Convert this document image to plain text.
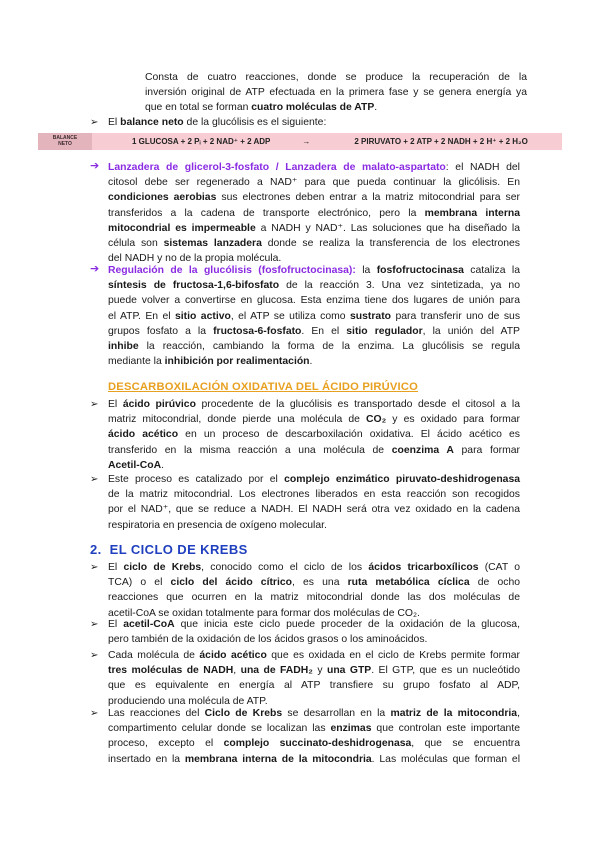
Consta de cuatro reacciones, donde se produce la recuperación de la
inversión original de ATP efectuada en la primera fase y se genera energía ya
que en total se forman cuatro moléculas de ATP.
➢ El balance neto de la glucólisis es el siguiente:
BALANCE
NETO	1 GLUCOSA + 2 Pᵢ + 2 NAD⁺ + 2 ADP	→	2 PIRUVATO + 2 ATP + 2 NADH + 2 H⁺ + 2 H₂O
➔ Lanzadera de glicerol-3-fosfato / Lanzadera de malato-aspartato: el NADH del
citosol debe ser regenerado a NAD⁺ para que pueda continuar la glicólisis. En
condiciones aerobias sus electrones deben entrar a la matriz mitocondrial para ser
transferidos a la cadena de transporte electrónico, pero la membrana interna
mitocondrial es impermeable a NADH y NAD⁺. Las soluciones que ha diseñado la
célula son sistemas lanzadera donde se realiza la transferencia de los electrones
del NADH y no de la propia molécula.
➔ Regulación de la glucólisis (fosfofructocinasa): la fosfofructocinasa cataliza la
síntesis de fructosa-1,6-bifosfato de la reacción 3. Una vez sintetizada, ya no
puede volver a convertirse en glucosa. Esta enzima tiene dos lugares de unión para
el ATP. En el sitio activo, el ATP se utiliza como sustrato para transferir uno de sus
grupos fosfato a la fructosa-6-fosfato. En el sitio regulador, la unión del ATP
inhibe la reacción, cambiando la forma de la enzima. La glucólisis se regula
mediante la inhibición por realimentación.
DESCARBOXILACIÓN OXIDATIVA DEL ÁCIDO PIRÚVICO
➢ El ácido pirúvico procedente de la glucólisis es transportado desde el citosol a la
matriz mitocondrial, donde pierde una molécula de CO₂ y es oxidado para formar
ácido acético en un proceso de descarboxilación oxidativa. El ácido acético es
transferido en la misma reacción a una molécula de coenzima A para formar
Acetil-CoA.
➢ Este proceso es catalizado por el complejo enzimático piruvato-deshidrogenasa
de la matriz mitocondrial. Los electrones liberados en esta reacción son recogidos
por el NAD⁺, que se reduce a NADH. El NADH será otra vez oxidado en la cadena
respiratoria en presencia de oxígeno molecular.
2.  EL CICLO DE KREBS
➢ El ciclo de Krebs, conocido como el ciclo de los ácidos tricarboxílicos (CAT o
TCA) o el ciclo del ácido cítrico, es una ruta metabólica cíclica de ocho
reacciones que ocurren en la matriz mitocondrial donde las dos moléculas de
acetil-CoA se oxidan totalmente para formar dos moléculas de CO₂.
➢ El acetil-CoA que inicia este ciclo puede proceder de la oxidación de la glucosa,
pero también de la oxidación de los ácidos grasos o los aminoácidos.
➢ Cada molécula de ácido acético que es oxidada en el ciclo de Krebs permite formar
tres moléculas de NADH, una de FADH₂ y una GTP. El GTP, que es un nucleótido
que es equivalente en energía al ATP transfiere su grupo fosfato al ADP,
produciendo una molécula de ATP.
➢ Las reacciones del Ciclo de Krebs se desarrollan en la matriz de la mitocondria,
compartimento celular donde se localizan las enzimas que controlan este importante
proceso, excepto el complejo succinato-deshidrogenasa, que se encuentra
insertado en la membrana interna de la mitocondria. Las moléculas que forman el
